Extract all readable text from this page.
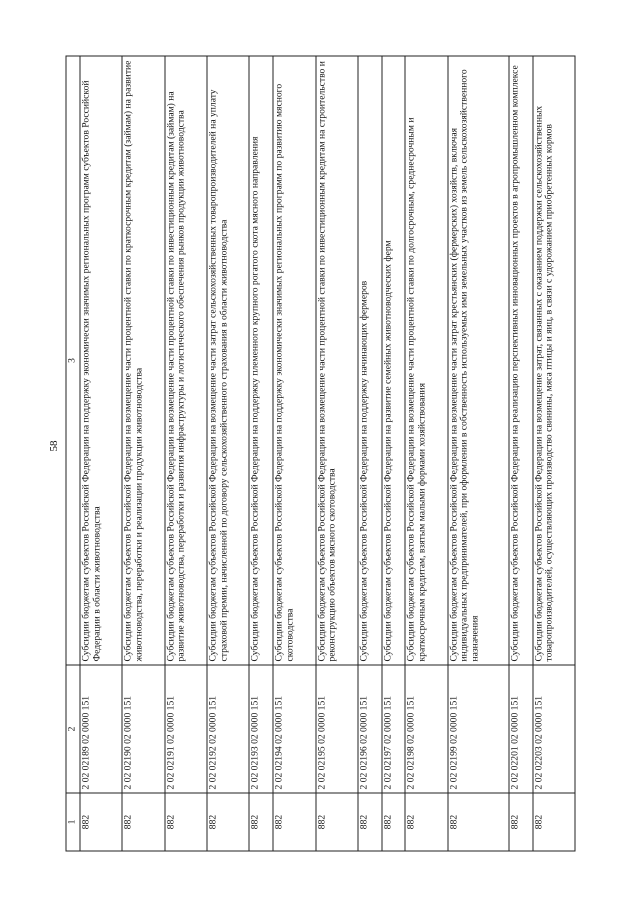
58
1	2	3
882	2 02 02189 02 0000 151	Субсидии бюджетам субъектов Российской Федерации на поддержку экономически значимых региональных программ субъектов Российской Федерации в области животноводства
882	2 02 02190 02 0000 151	Субсидии бюджетам субъектов Российской Федерации на возмещение части процентной ставки по краткосрочным кредитам (займам) на развитие животноводства, переработки и реализации продукции животноводства
882	2 02 02191 02 0000 151	Субсидии бюджетам субъектов Российской Федерации на возмещение части процентной ставки по инвестиционным кредитам (займам) на развитие животноводства, переработки и развития инфраструктуры и логистического обеспечения рынков продукции животноводства
882	2 02 02192 02 0000 151	Субсидии бюджетам субъектов Российской Федерации на возмещение части затрат сельскохозяйственных товаропроизводителей на уплату страховой премии, начисленной по договору сельскохозяйственного страхования в области животноводства
882	2 02 02193 02 0000 151	Субсидии бюджетам субъектов Российской Федерации на поддержку племенного крупного рогатого скота мясного направления
882	2 02 02194 02 0000 151	Субсидии бюджетам субъектов Российской Федерации на поддержку экономически значимых региональных программ по развитию мясного скотоводства
882	2 02 02195 02 0000 151	Субсидии бюджетам субъектов Российской Федерации на возмещение части процентной ставки по инвестиционным кредитам на строительство и реконструкцию объектов мясного скотоводства
882	2 02 02196 02 0000 151	Субсидии бюджетам субъектов Российской Федерации на поддержку начинающих фермеров
882	2 02 02197 02 0000 151	Субсидии бюджетам субъектов Российской Федерации на развитие семейных животноводческих ферм
882	2 02 02198 02 0000 151	Субсидии бюджетам субъектов Российской Федерации на возмещение части процентной ставки по долгосрочным, среднесрочным и краткосрочным кредитам, взятым малыми формами хозяйствования
882	2 02 02199 02 0000 151	Субсидии бюджетам субъектов Российской Федерации на возмещение части затрат крестьянских (фермерских) хозяйств, включая индивидуальных предпринимателей, при оформлении в собственность используемых ими земельных участков из земель сельскохозяйственного назначения
882	2 02 02201 02 0000 151	Субсидии бюджетам субъектов Российской Федерации на реализацию перспективных инновационных проектов в агропромышленном комплексе
882	2 02 02203 02 0000 151	Субсидии бюджетам субъектов Российской Федерации на возмещение затрат, связанных с оказанием поддержки сельскохозяйственных товаропроизводителей, осуществляющих производство свинины, мяса птицы и яиц, в связи с удорожанием приобретенных кормов
